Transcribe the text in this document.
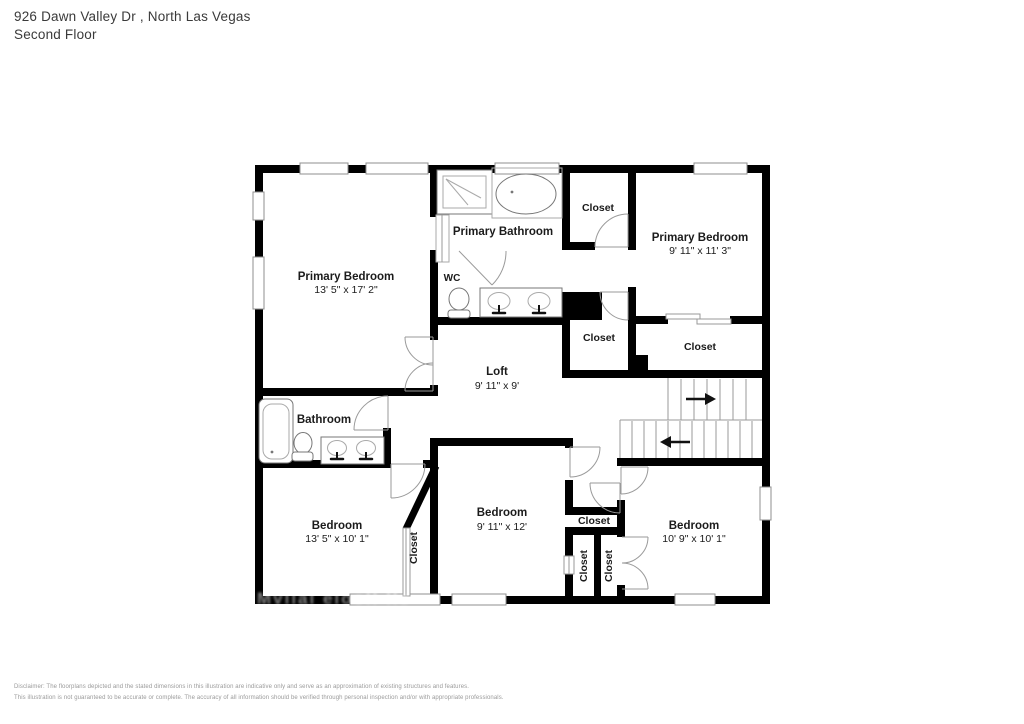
926 Dawn Valley Dr , North Las Vegas
Second Floor
Primary Bedroom
13' 5" x 17' 2"
Primary Bathroom
WC
Closet
Primary Bedroom
9' 11" x 11' 3"
Closet
Closet
Loft
9' 11" x 9'
Bathroom
Bedroom
13' 5" x 10' 1"	Closet
Bedroom
9' 11" x 12'	Closet
Closet Closet
Bedroom
10' 9" x 10' 1"
Mvllal elooll lls
Disclaimer: The floorplans depicted and the stated dimensions in this illustration are indicative only and serve as an approximation of existing structures and features.
This illustration is not guaranteed to be accurate or complete. The accuracy of all information should be verified through personal inspection and/or with appropriate professionals.
